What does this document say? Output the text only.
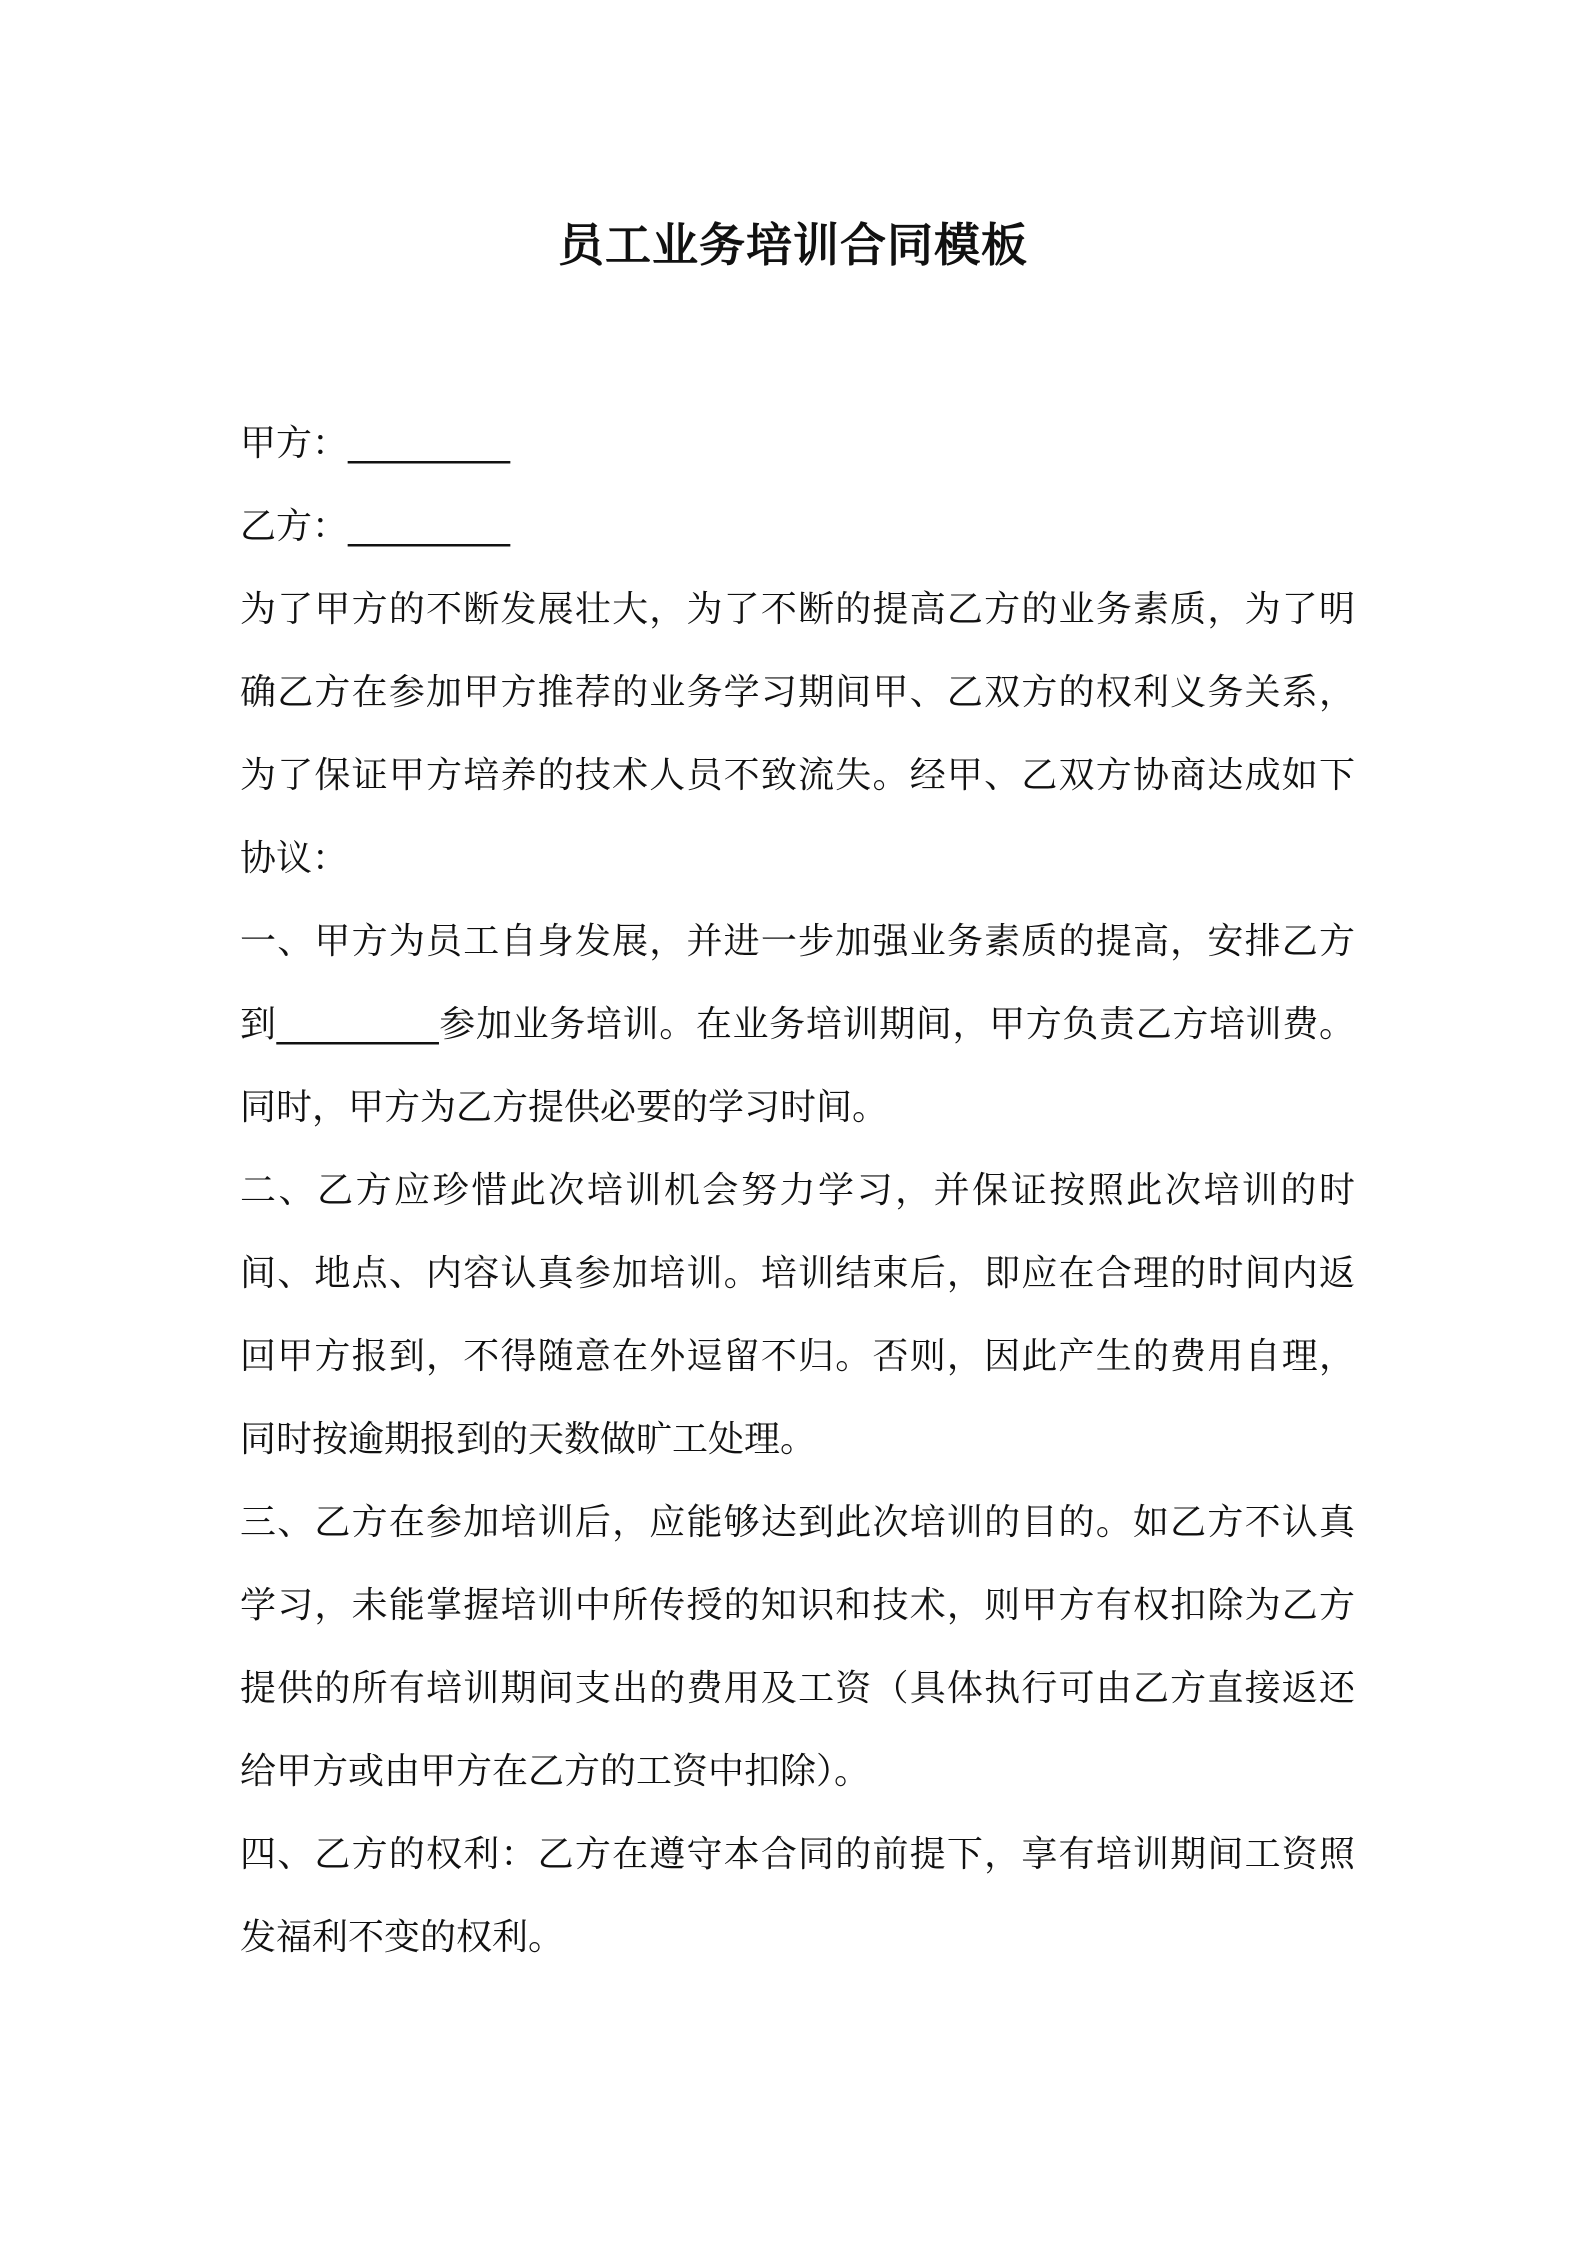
员工业务培训合同模板

甲方：_________

乙方：_________

为了甲方的不断发展壮大，为了不断的提高乙方的业务素质，为了明确乙方在参加甲方推荐的业务学习期间甲、乙双方的权利义务关系，为了保证甲方培养的技术人员不致流失。经甲、乙双方协商达成如下协议：

一、甲方为员工自身发展，并进一步加强业务素质的提高，安排乙方到_________参加业务培训。在业务培训期间，甲方负责乙方培训费。同时，甲方为乙方提供必要的学习时间。

二、乙方应珍惜此次培训机会努力学习，并保证按照此次培训的时间、地点、内容认真参加培训。培训结束后，即应在合理的时间内返回甲方报到，不得随意在外逗留不归。否则，因此产生的费用自理，同时按逾期报到的天数做旷工处理。

三、乙方在参加培训后，应能够达到此次培训的目的。如乙方不认真学习，未能掌握培训中所传授的知识和技术，则甲方有权扣除为乙方提供的所有培训期间支出的费用及工资（具体执行可由乙方直接返还给甲方或由甲方在乙方的工资中扣除）。

四、乙方的权利：乙方在遵守本合同的前提下，享有培训期间工资照发福利不变的权利。
